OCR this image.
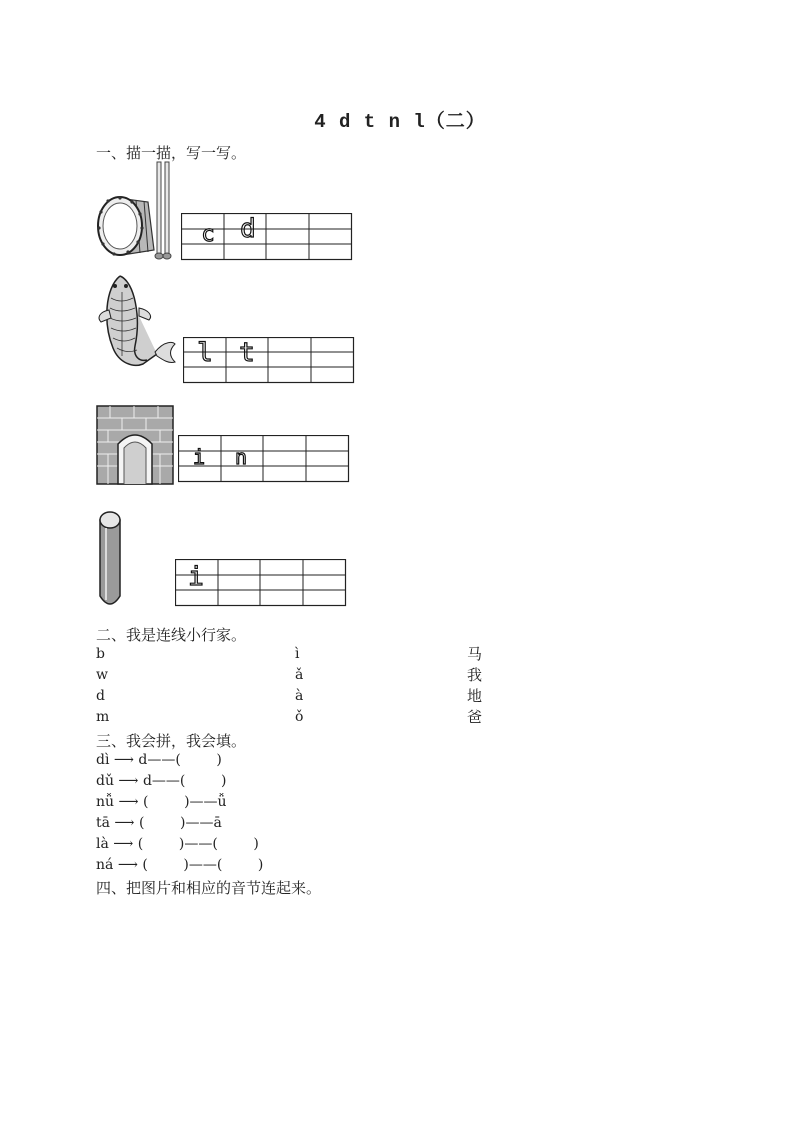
4 d t n l（二）
一、描一描，写一写。
c d
l t
i	n
i
二、我是连线小行家。
b
w
d
m
ì
ǎ
à
ǒ
马
我
地
爸
三、我会拼，我会填。
dì ⟶ d——(        )
dǔ ⟶ d——(        )
nǚ ⟶ (        )——ǚ
tā ⟶ (        )——ā
là ⟶ (        )——(        )
ná ⟶ (        )——(        )
四、把图片和相应的音节连起来。
